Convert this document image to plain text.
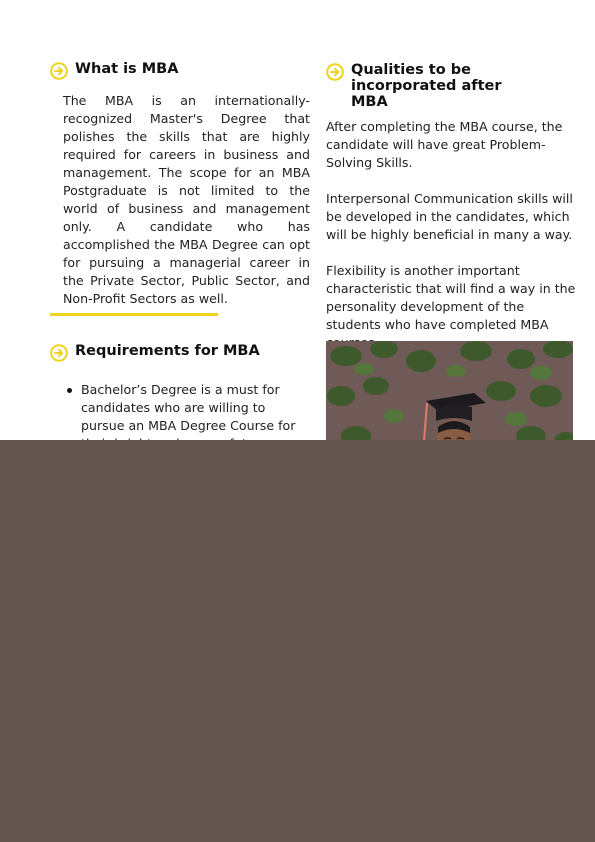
What is MBA

The MBA is an internationally-recognized Master's Degree that polishes the skills that are highly required for careers in business and management. The scope for an MBA Postgraduate is not limited to the world of business and management only. A candidate who has accomplished the MBA Degree can opt for pursuing a managerial career in the Private Sector, Public Sector, and Non-Profit Sectors as well.

Requirements for MBA
Bachelor’s Degree is a must for candidates who are willing to pursue an MBA Degree Course for
Qualities to be incorporated after MBA

After completing the MBA course, the candidate will have great Problem-Solving Skills.

Interpersonal Communication skills will be developed in the candidates, which will be highly beneficial in many a way.

Flexibility is another important characteristic that will find a way in the personality development of the students who have completed MBA
